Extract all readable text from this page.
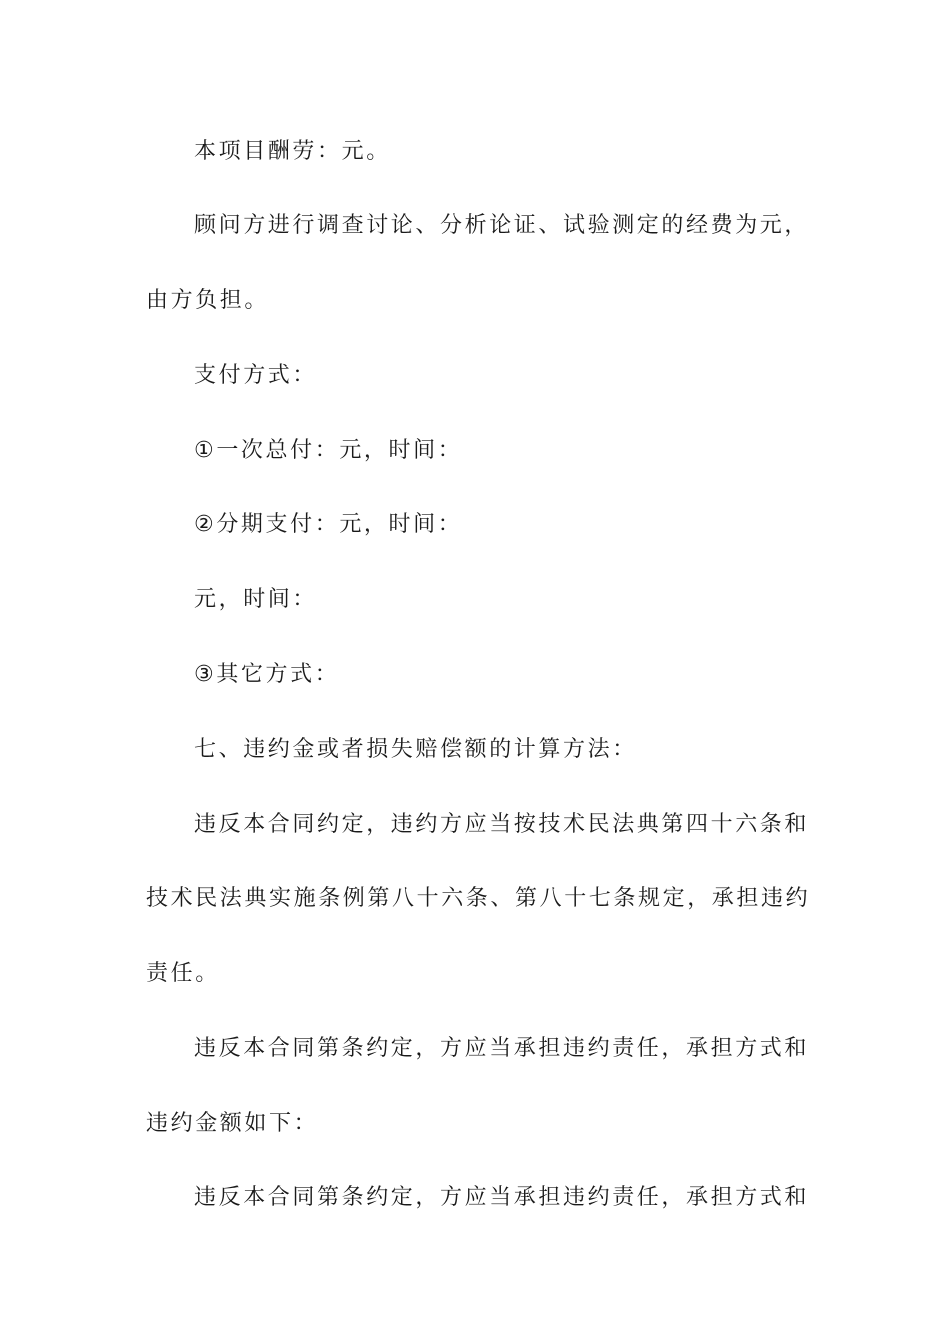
本项目酬劳：元。
顾问方进行调查讨论、分析论证、试验测定的经费为元，
由方负担。
支付方式：
①一次总付：元，时间：
②分期支付：元，时间：
元，时间：
③其它方式：
七、违约金或者损失赔偿额的计算方法：
违反本合同约定，违约方应当按技术民法典第四十六条和
技术民法典实施条例第八十六条、第八十七条规定，承担违约
责任。
违反本合同第条约定，方应当承担违约责任，承担方式和
违约金额如下：
违反本合同第条约定，方应当承担违约责任，承担方式和
